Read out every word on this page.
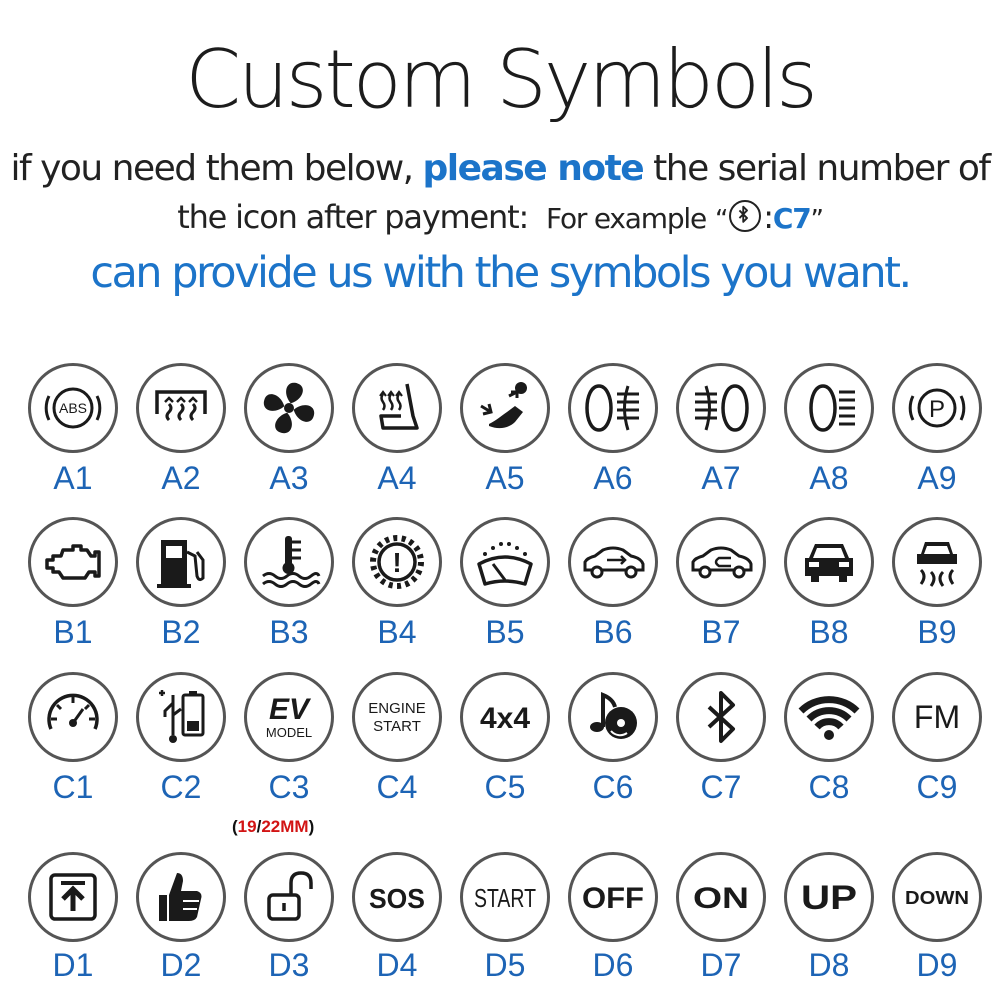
Custom Symbols

if you need them below, please note the serial number of

the icon after payment: For example “ :C7”

can provide us with the symbols you want.

ABS
A1	A2	A3	A4	A5	A6	A7	A8
P
A9
B1	B2	B3
!
B4	B5	B6	B7	B8	B9
C1	C2
EV
MODEL
C3
ENGINE
START
C4
4x4
C5	C6	C7	C8
FM
C9
D1	D2	D3
SOS
D4
START
D5
OFF
D6
ON
D7
UP
D8
DOWN
D9
(19/22MM)
